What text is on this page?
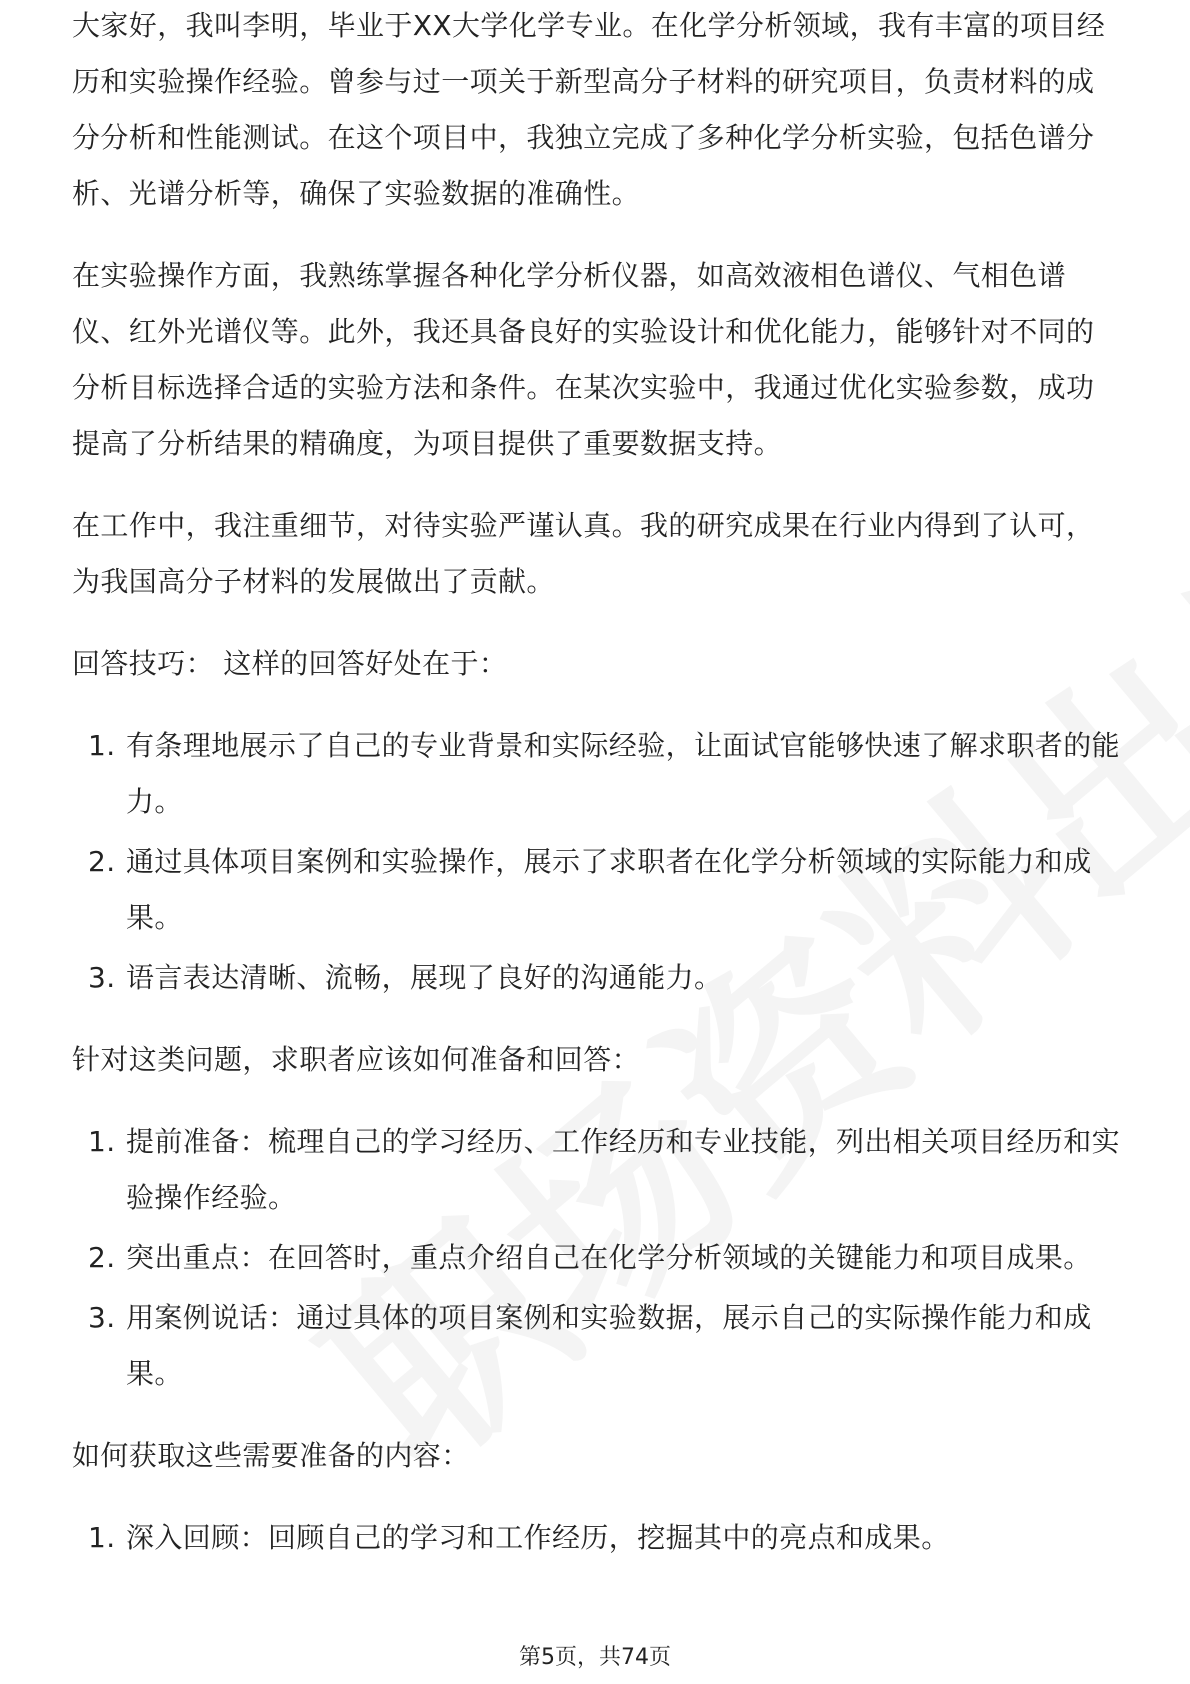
大家好，我叫李明，毕业于XX大学化学专业。在化学分析领域，我有丰富的项目经历和实验操作经验。曾参与过一项关于新型高分子材料的研究项目，负责材料的成分分析和性能测试。在这个项目中，我独立完成了多种化学分析实验，包括色谱分析、光谱分析等，确保了实验数据的准确性。

在实验操作方面，我熟练掌握各种化学分析仪器，如高效液相色谱仪、气相色谱仪、红外光谱仪等。此外，我还具备良好的实验设计和优化能力，能够针对不同的分析目标选择合适的实验方法和条件。在某次实验中，我通过优化实验参数，成功提高了分析结果的精确度，为项目提供了重要数据支持。

在工作中，我注重细节，对待实验严谨认真。我的研究成果在行业内得到了认可，为我国高分子材料的发展做出了贡献。

回答技巧： 这样的回答好处在于：

1. 有条理地展示了自己的专业背景和实际经验，让面试官能够快速了解求职者的能力。
2. 通过具体项目案例和实验操作，展示了求职者在化学分析领域的实际能力和成果。
3. 语言表达清晰、流畅，展现了良好的沟通能力。

针对这类问题，求职者应该如何准备和回答：

1. 提前准备：梳理自己的学习经历、工作经历和专业技能，列出相关项目经历和实验操作经验。
2. 突出重点：在回答时，重点介绍自己在化学分析领域的关键能力和项目成果。
3. 用案例说话：通过具体的项目案例和实验数据，展示自己的实际操作能力和成果。

如何获取这些需要准备的内容：

1. 深入回顾：回顾自己的学习和工作经历，挖掘其中的亮点和成果。
第5页，共74页
